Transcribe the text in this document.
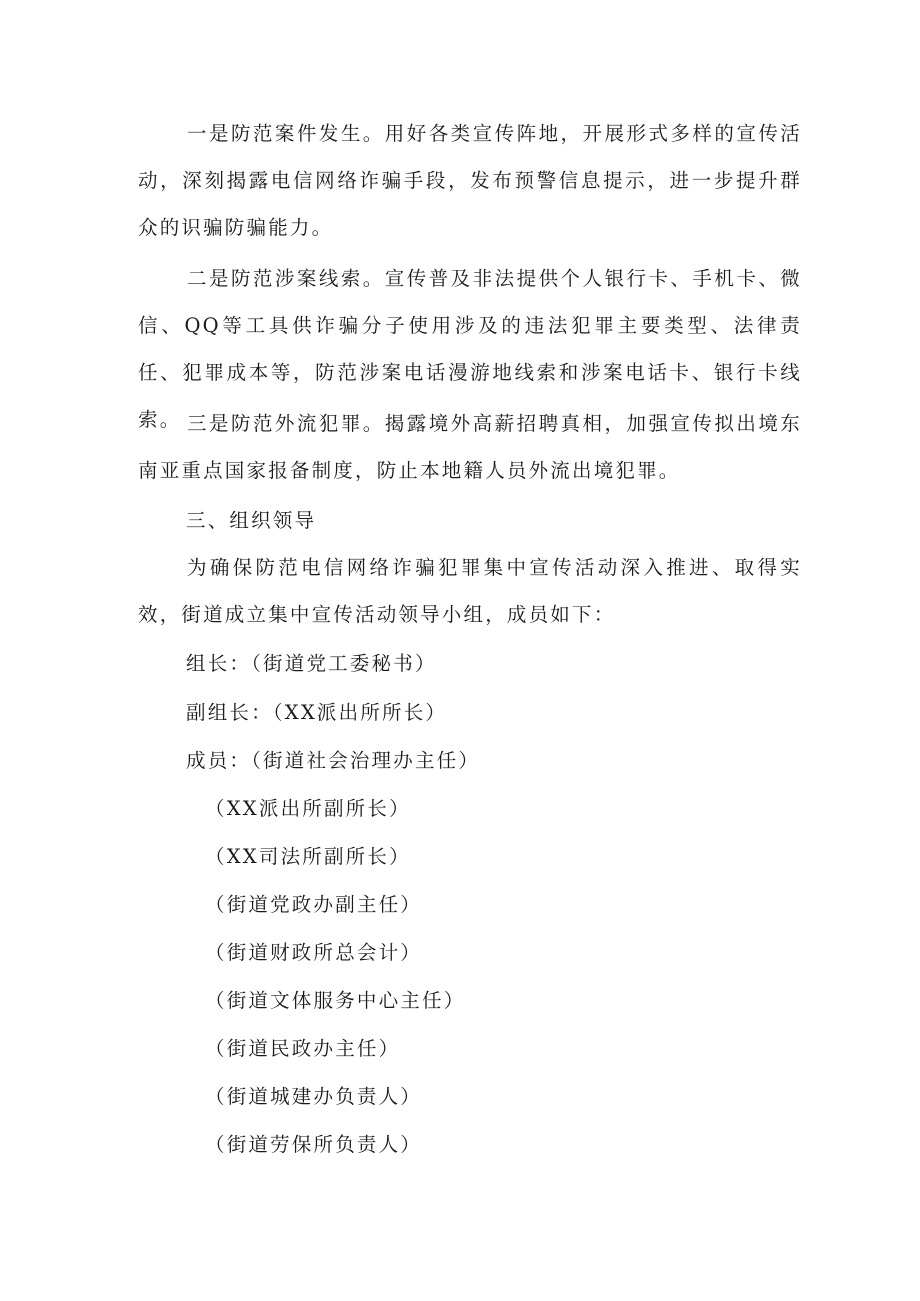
一是防范案件发生。用好各类宣传阵地，开展形式多样的宣传活动，深刻揭露电信网络诈骗手段，发布预警信息提示，进一步提升群众的识骗防骗能力。

二是防范涉案线索。宣传普及非法提供个人银行卡、手机卡、微信、QQ等工具供诈骗分子使用涉及的违法犯罪主要类型、法律责任、犯罪成本等，防范涉案电话漫游地线索和涉案电话卡、银行卡线索。 三是防范外流犯罪。揭露境外高薪招聘真相，加强宣传拟出境东南亚重点国家报备制度，防止本地籍人员外流出境犯罪。

三、组织领导

为确保防范电信网络诈骗犯罪集中宣传活动深入推进、取得实效，街道成立集中宣传活动领导小组，成员如下：

组长：（街道党工委秘书）

副组长：（XX派出所所长）

成员：（街道社会治理办主任）

（XX派出所副所长）

（XX司法所副所长）

（街道党政办副主任）

（街道财政所总会计）

（街道文体服务中心主任）

（街道民政办主任）

（街道城建办负责人）

（街道劳保所负责人）
